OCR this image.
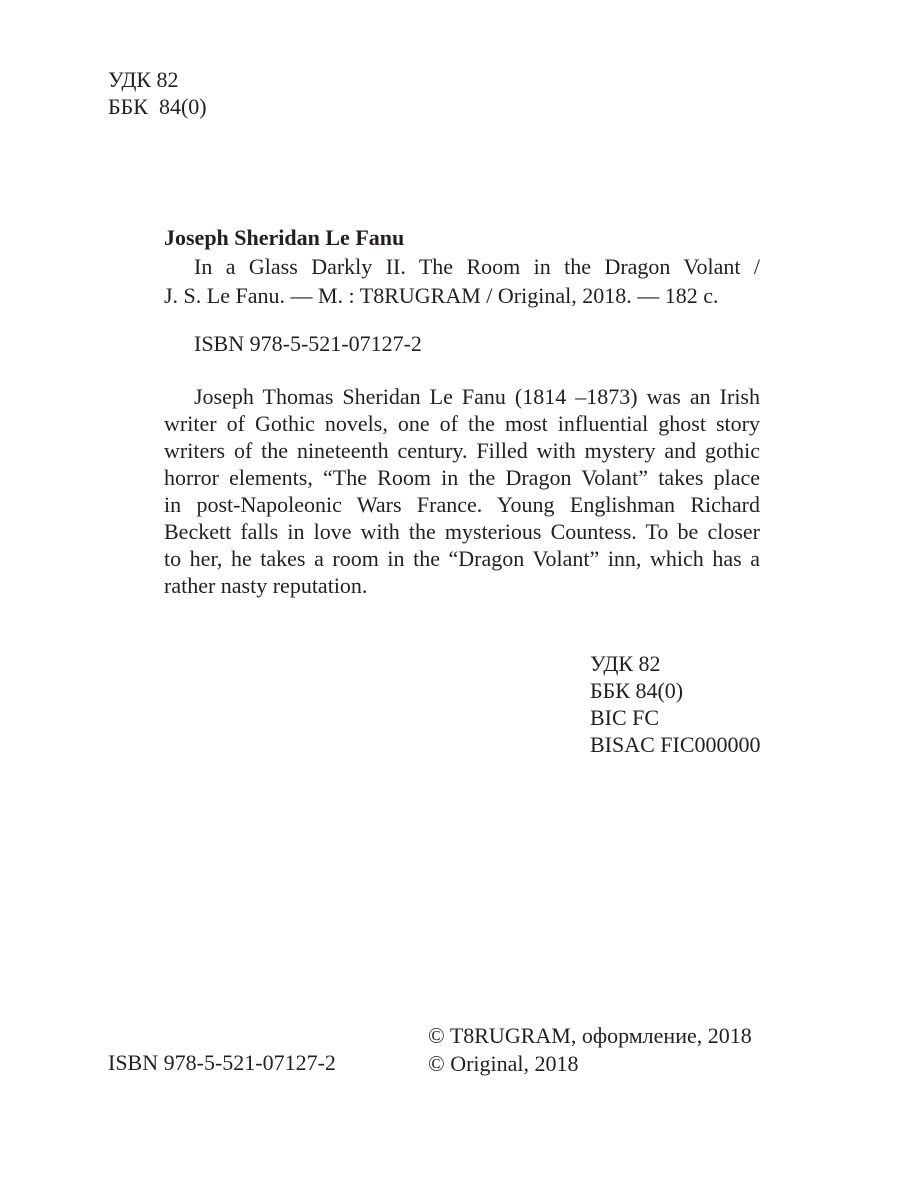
УДК 82
ББК  84(0)
Joseph Sheridan Le Fanu
In a Glass Darkly II. The Room in the Dragon Volant /
J. S. Le Fanu. — M. : T8RUGRAM / Original, 2018. — 182 c.
ISBN 978-5-521-07127-2
Joseph Thomas Sheridan Le Fanu (1814 –1873) was an Irish
writer of Gothic novels, one of the most influential ghost story
writers of the nineteenth century. Filled with mystery and gothic
horror elements, “The Room in the Dragon Volant” takes place
in post-Napoleonic Wars France. Young Englishman Richard
Beckett falls in love with the mysterious Countess. To be closer
to her, he takes a room in the “Dragon Volant” inn, which has a
rather nasty reputation.
УДК 82
ББК 84(0)
BIC FC
BISAC FIC000000
© T8RUGRAM, оформление, 2018
© Original, 2018
ISBN 978-5-521-07127-2
